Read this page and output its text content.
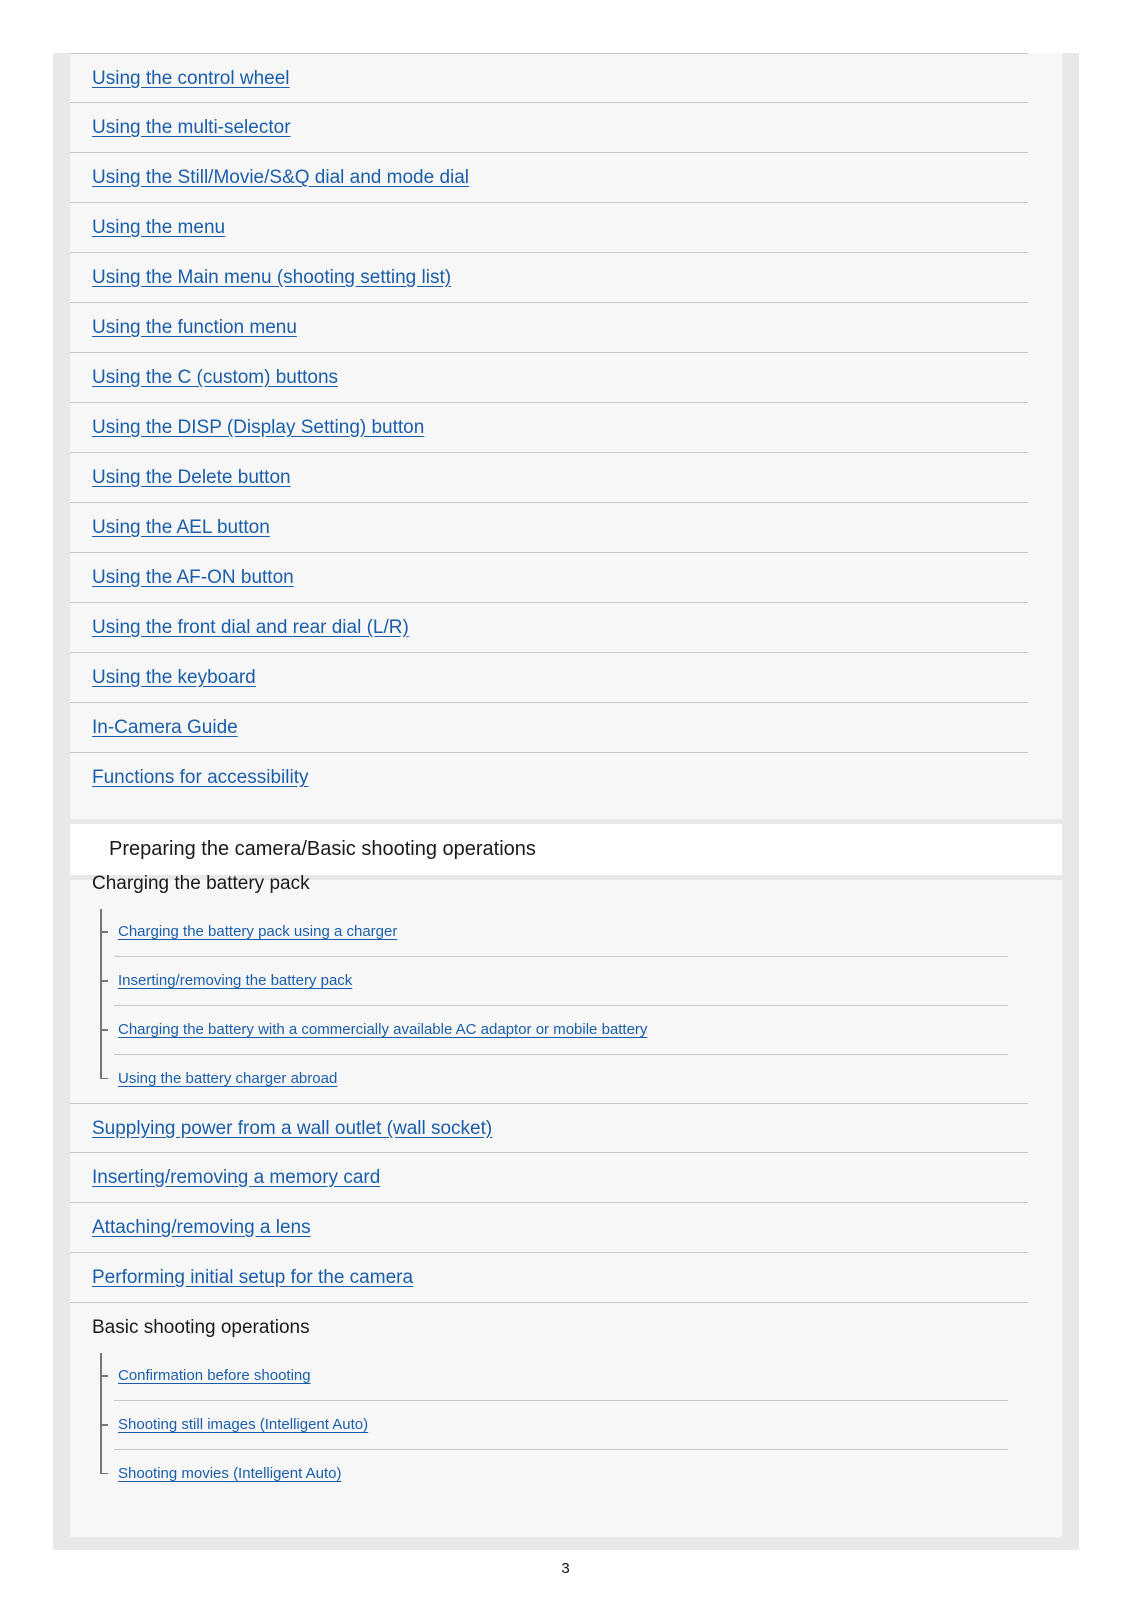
Using the control wheel
Using the multi-selector
Using the Still/Movie/S&Q dial and mode dial
Using the menu
Using the Main menu (shooting setting list)
Using the function menu
Using the C (custom) buttons
Using the DISP (Display Setting) button
Using the Delete button
Using the AEL button
Using the AF-ON button
Using the front dial and rear dial (L/R)
Using the keyboard
In-Camera Guide
Functions for accessibility
Preparing the camera/Basic shooting operations
Charging the battery pack
Charging the battery pack using a charger
Inserting/removing the battery pack
Charging the battery with a commercially available AC adaptor or mobile battery
Using the battery charger abroad
Supplying power from a wall outlet (wall socket)
Inserting/removing a memory card
Attaching/removing a lens
Performing initial setup for the camera
Basic shooting operations
Confirmation before shooting
Shooting still images (Intelligent Auto)
Shooting movies (Intelligent Auto)
3
